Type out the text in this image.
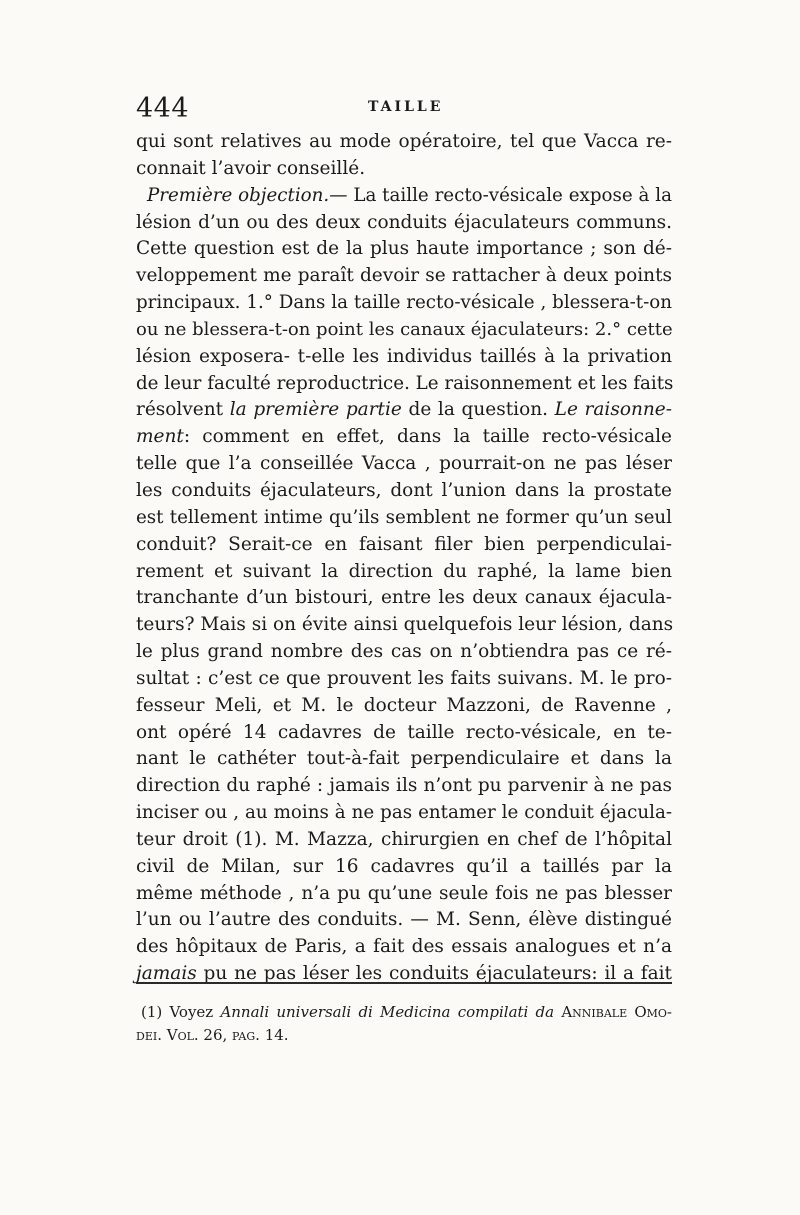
444	TAILLE
qui sont relatives au mode opératoire, tel que Vacca re-
connait l’avoir conseillé.
Première objection.— La taille recto-vésicale expose à la
lésion d’un ou des deux conduits éjaculateurs communs.
Cette question est de la plus haute importance ; son dé-
veloppement me paraît devoir se rattacher à deux points
principaux. 1.° Dans la taille recto-vésicale , blessera-t-on
ou ne blessera-t-on point les canaux éjaculateurs: 2.° cette
lésion exposera- t-elle les individus taillés à la privation
de leur faculté reproductrice. Le raisonnement et les faits
résolvent la première partie de la question. Le raisonne-
ment: comment en effet, dans la taille recto-vésicale
telle que l’a conseillée Vacca , pourrait-on ne pas léser
les conduits éjaculateurs, dont l’union dans la prostate
est tellement intime qu’ils semblent ne former qu’un seul
conduit? Serait-ce en faisant filer bien perpendiculai-
rement et suivant la direction du raphé, la lame bien
tranchante d’un bistouri, entre les deux canaux éjacula-
teurs? Mais si on évite ainsi quelquefois leur lésion, dans
le plus grand nombre des cas on n’obtiendra pas ce ré-
sultat : c’est ce que prouvent les faits suivans. M. le pro-
fesseur Meli, et M. le docteur Mazzoni, de Ravenne ,
ont opéré 14 cadavres de taille recto-vésicale, en te-
nant le cathéter tout-à-fait perpendiculaire et dans la
direction du raphé : jamais ils n’ont pu parvenir à ne pas
inciser ou , au moins à ne pas entamer le conduit éjacula-
teur droit (1). M. Mazza, chirurgien en chef de l’hôpital
civil de Milan, sur 16 cadavres qu’il a taillés par la
même méthode , n’a pu qu’une seule fois ne pas blesser
l’un ou l’autre des conduits. — M. Senn, élève distingué
des hôpitaux de Paris, a fait des essais analogues et n’a
jamais pu ne pas léser les conduits éjaculateurs: il a fait
(1) Voyez Annali universali di Medicina compilati da Annibale Omo-
dei. Vol. 26, pag. 14.
